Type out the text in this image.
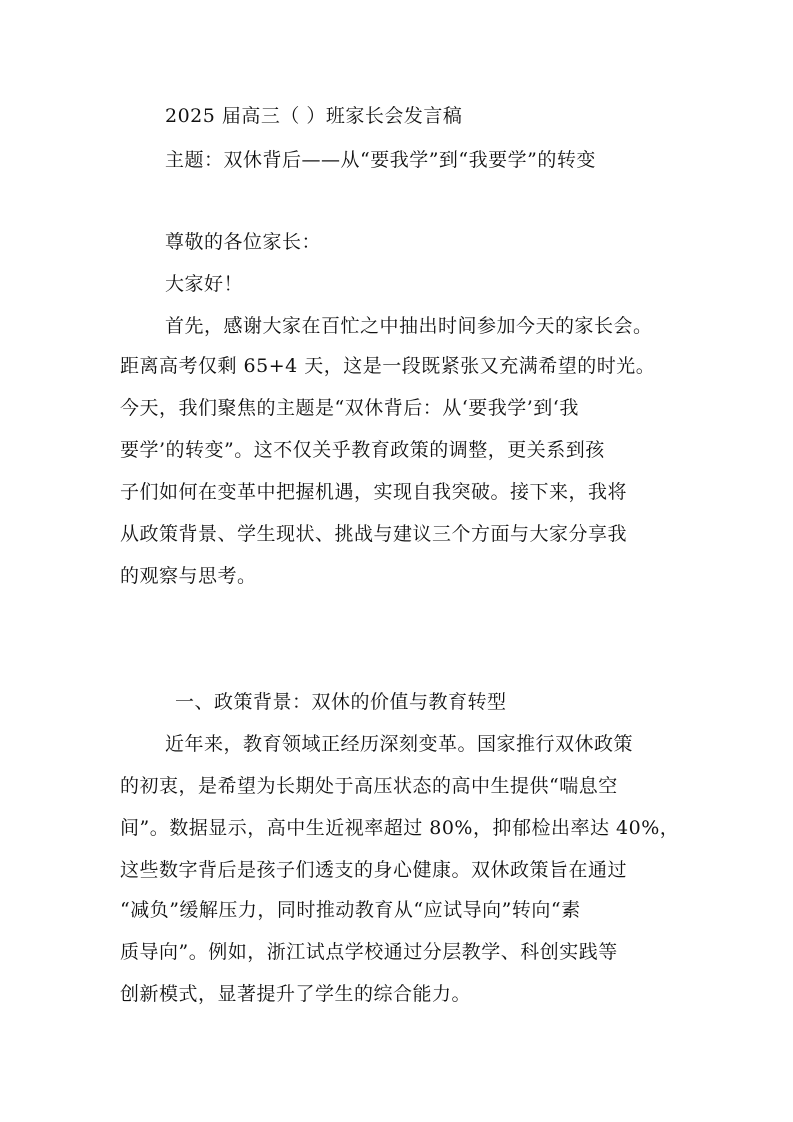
2025 届高三（ ）班家长会发言稿
主题：双休背后——从“要我学”到“我要学”的转变
尊敬的各位家长：
大家好！
首先，感谢大家在百忙之中抽出时间参加今天的家长会。
距离高考仅剩 65+4 天，这是一段既紧张又充满希望的时光。
今天，我们聚焦的主题是“双休背后：从‘要我学’到‘我
要学’的转变”。这不仅关乎教育政策的调整，更关系到孩
子们如何在变革中把握机遇，实现自我突破。接下来，我将
从政策背景、学生现状、挑战与建议三个方面与大家分享我
的观察与思考。
一、政策背景：双休的价值与教育转型
近年来，教育领域正经历深刻变革。国家推行双休政策
的初衷，是希望为长期处于高压状态的高中生提供“喘息空
间”。数据显示，高中生近视率超过 80%，抑郁检出率达 40%，
这些数字背后是孩子们透支的身心健康。双休政策旨在通过
“减负”缓解压力，同时推动教育从“应试导向”转向“素
质导向”。例如，浙江试点学校通过分层教学、科创实践等
创新模式，显著提升了学生的综合能力。
